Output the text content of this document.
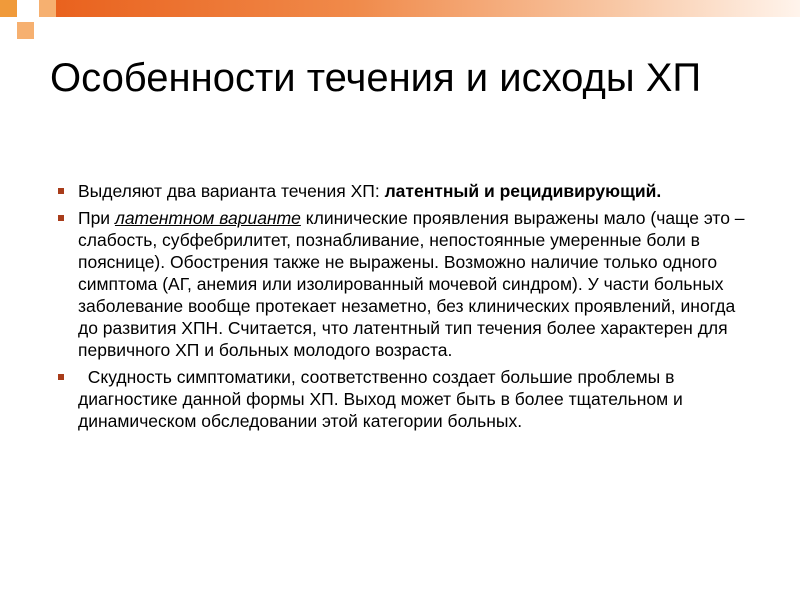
Особенности течения и исходы ХП
Выделяют два варианта течения ХП: латентный и рецидивирующий.
При латентном варианте клинические проявления выражены мало (чаще это – слабость, субфебрилитет, познабливание, непостоянные умеренные боли в пояснице). Обострения также не выражены. Возможно наличие только одного симптома (АГ, анемия или изолированный мочевой синдром). У части больных заболевание вообще протекает незаметно, без клинических проявлений, иногда до развития ХПН. Считается, что латентный тип течения более характерен для первичного ХП и больных молодого возраста.
Скудность симптоматики, соответственно создает большие проблемы в диагностике данной формы ХП. Выход может быть в более тщательном и динамическом обследовании этой категории больных.
